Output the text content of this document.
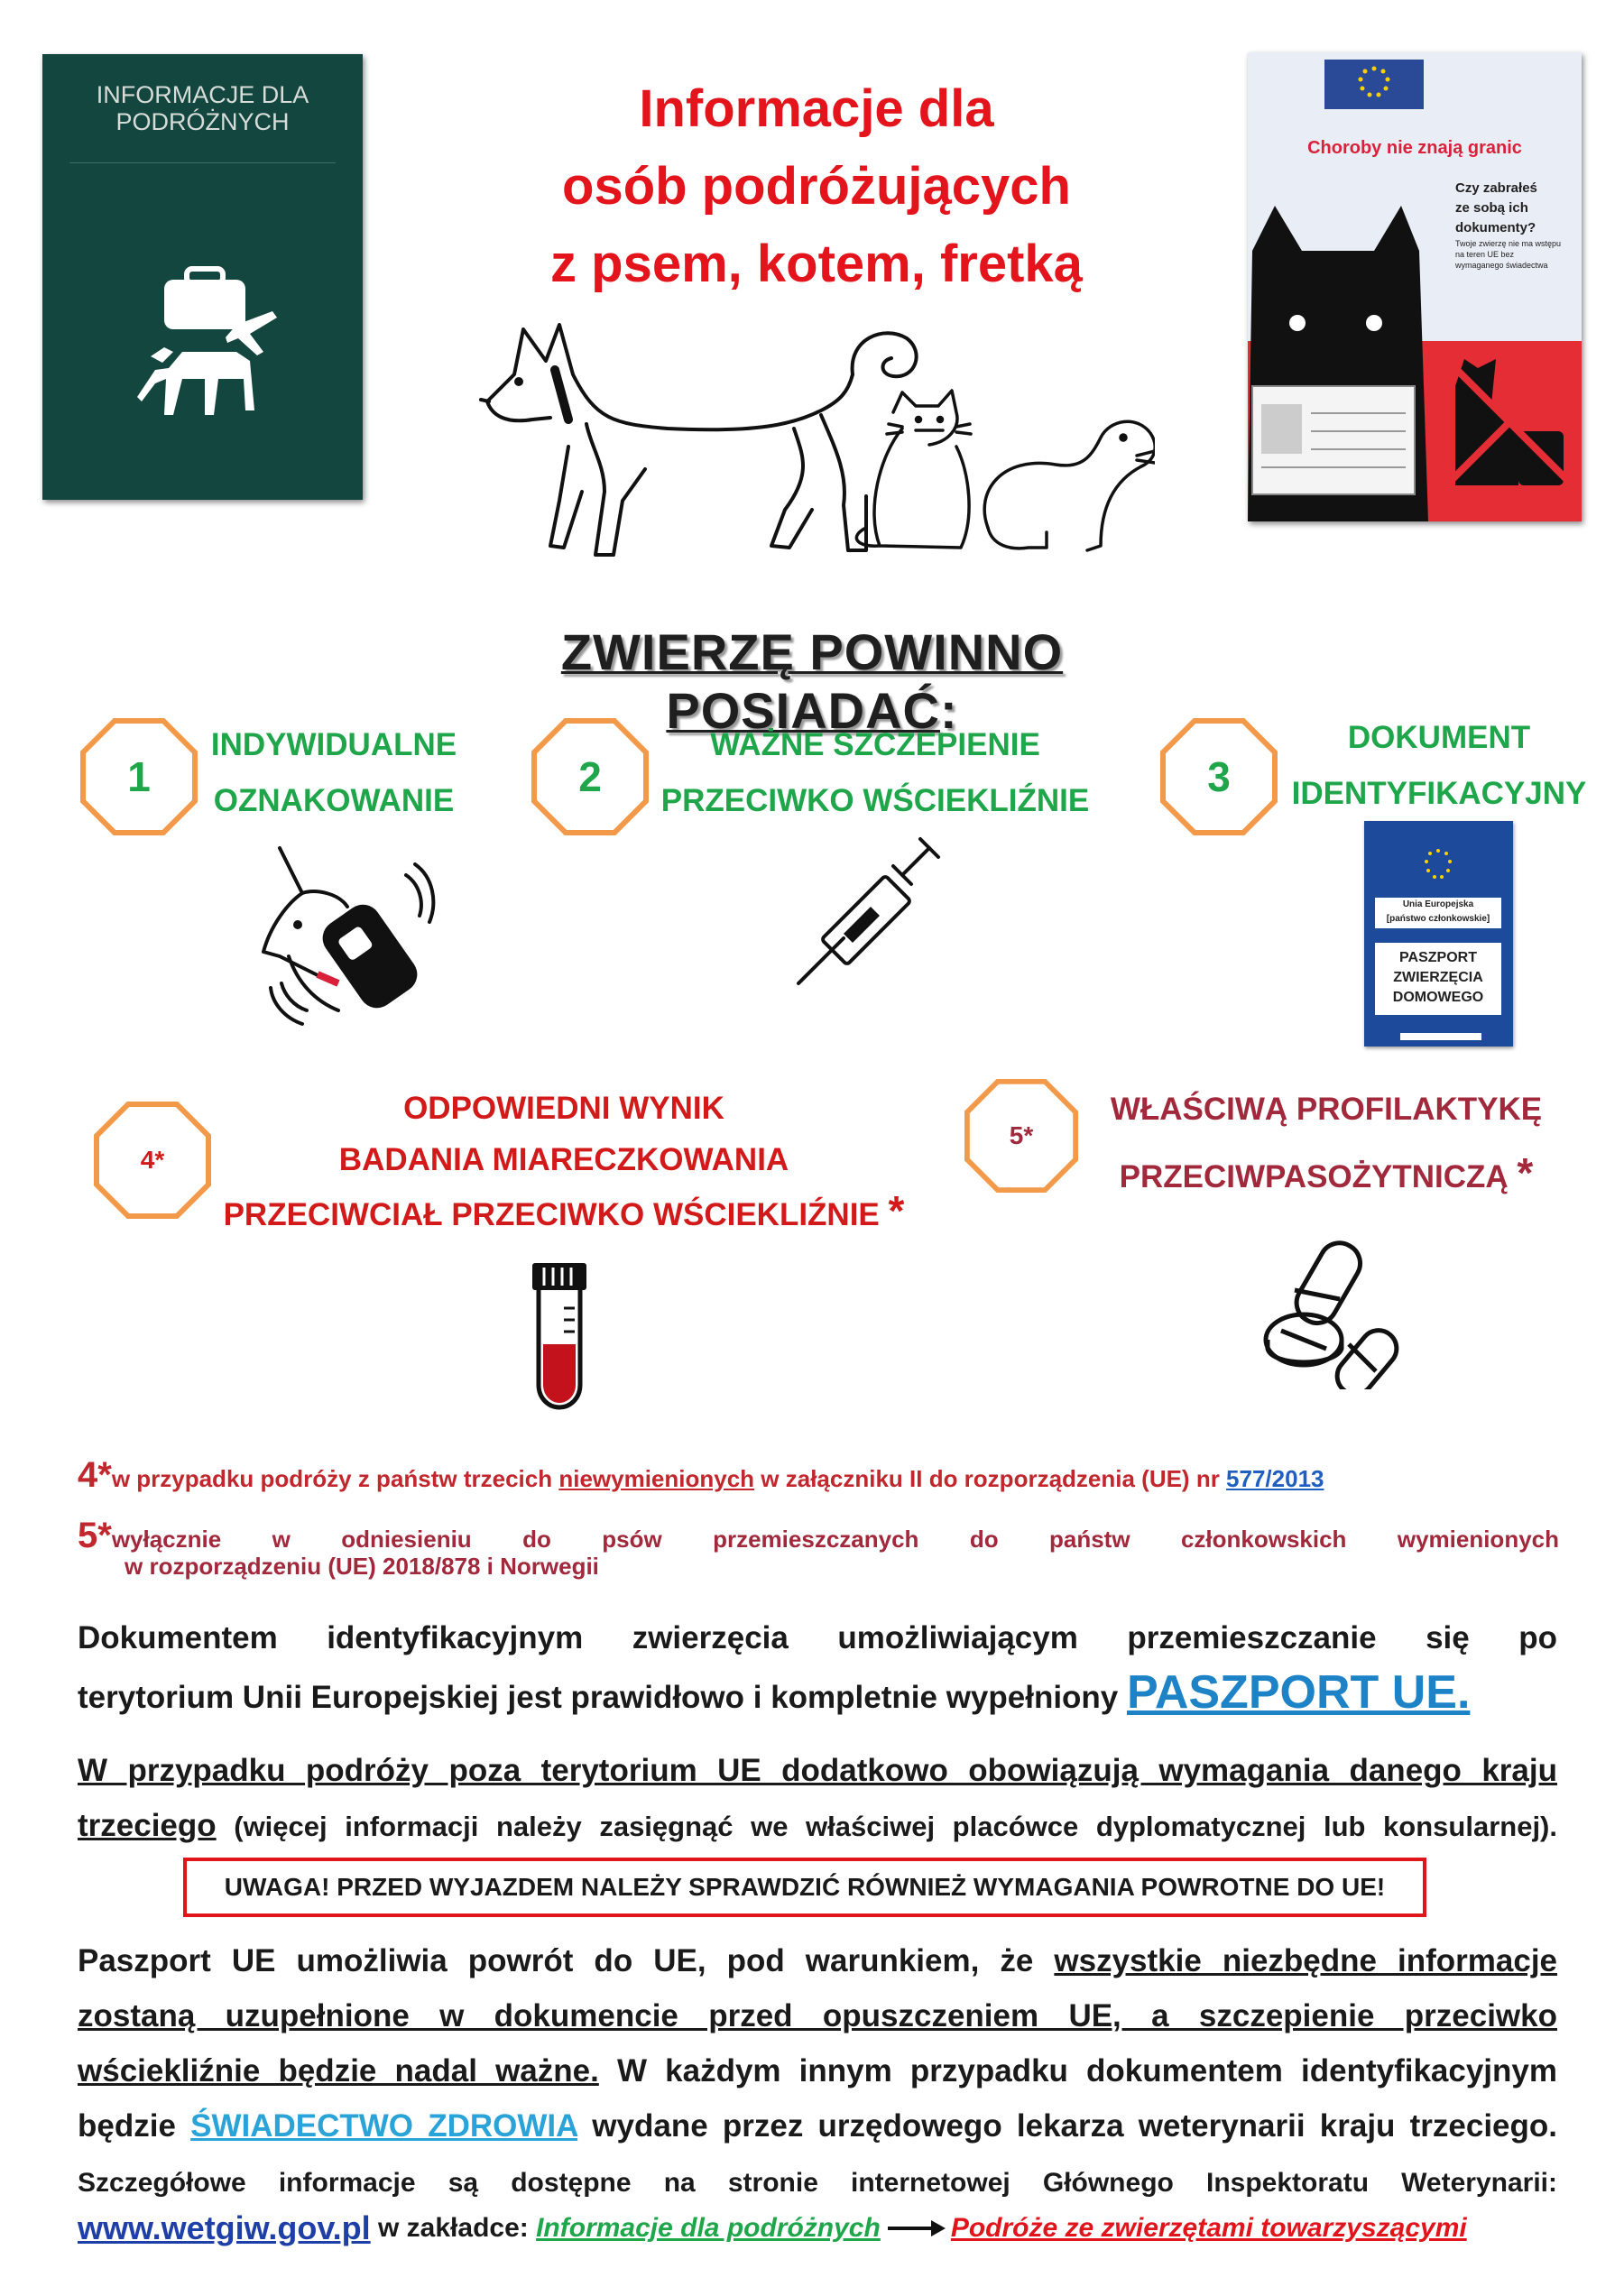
INFORMACJE DLA
PODRÓŻNYCH	Informacje dla
osób podróżujących
z psem, kotem, fretką
Choroby nie znają granic
Czy zabrałeś
ze sobą ich
dokumenty?
Twoje zwierzę nie ma wstępu na teren UE bez wymaganego świadectwa
ZWIERZĘ POWINNO POSIADAĆ:
1
INDYWIDUALNE
OZNAKOWANIE
2
WAŻNE SZCZEPIENIE
PRZECIWKO WŚCIEKLIŹNIE
3
DOKUMENT
IDENTYFIKACYJNY
Unia Europejska
[państwo członkowskie]
PASZPORT
ZWIERZĘCIA
DOMOWEGO
4*
ODPOWIEDNI WYNIK
BADANIA MIARECZKOWANIA
PRZECIWCIAŁ PRZECIWKO WŚCIEKLIŹNIE *
5*
WŁAŚCIWĄ PROFILAKTYKĘ
PRZECIWPASOŻYTNICZĄ *
4*w przypadku podróży z państw trzecich niewymienionych w załączniku II do rozporządzenia (UE) nr 577/2013
5* wyłącznie w odniesieniu do psów przemieszczanych do państw członkowskich wymienionych
w rozporządzeniu (UE) 2018/878 i Norwegii
Dokumentem identyfikacyjnym zwierzęcia umożliwiającym przemieszczanie się po
terytorium Unii Europejskiej jest prawidłowo i kompletnie wypełniony PASZPORT UE.
W przypadku podróży poza terytorium UE dodatkowo obowiązują wymagania danego kraju
trzeciego (więcej informacji należy zasięgnąć we właściwej placówce dyplomatycznej lub konsularnej).
UWAGA! PRZED WYJAZDEM NALEŻY SPRAWDZIĆ RÓWNIEŻ WYMAGANIA POWROTNE DO UE!
Paszport UE umożliwia powrót do UE, pod warunkiem, że wszystkie niezbędne informacje
zostaną uzupełnione w dokumencie przed opuszczeniem UE, a szczepienie przeciwko
wściekliźnie będzie nadal ważne. W każdym innym przypadku dokumentem identyfikacyjnym
będzie ŚWIADECTWO ZDROWIA wydane przez urzędowego lekarza weterynarii kraju trzeciego.
Szczegółowe informacje są dostępne na stronie internetowej Głównego Inspektoratu Weterynarii:
www.wetgiw.gov.pl w zakładce: Informacje dla podróżnych	Podróże ze zwierzętami towarzyszącymi
